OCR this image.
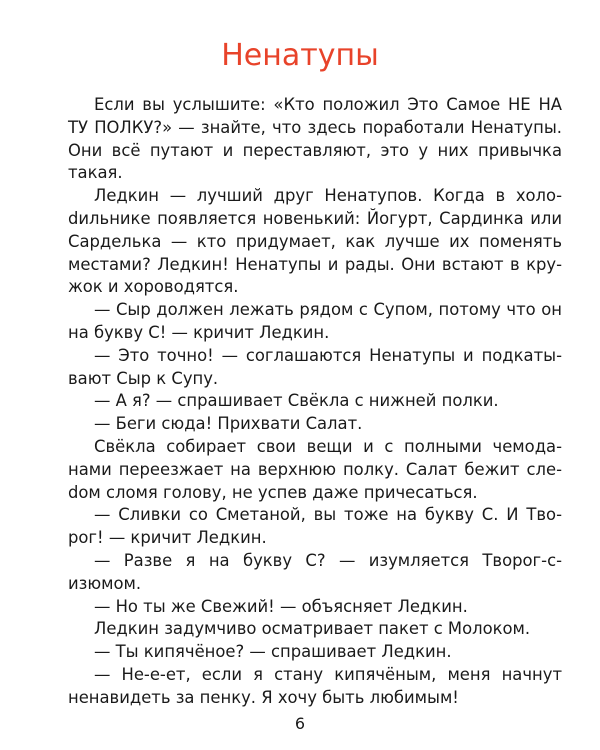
Ненатупы

Если вы услышите: «Кто положил Это Самое НЕ НА ТУ ПОЛКУ?» — знайте, что здесь поработали Ненатупы. Они всё путают и переставляют, это у них привычка такая.

Ледкин — лучший друг Ненатупов. Когда в холоdильнике появляется новенький: Йогурт, Сардинка или Сарделька — кто придумает, как лучше их поменять местами? Ледкин! Ненатупы и рады. Они встают в кружок и хороводятся.

— Сыр должен лежать рядом с Супом, потому что он на букву С! — кричит Ледкин.

— Это точно! — соглашаются Ненатупы и подкатывают Сыр к Супу.

— А я? — спрашивает Свёкла с нижней полки.

— Беги сюда! Прихвати Салат.

Свёкла собирает свои вещи и с полными чемоданами переезжает на верхнюю полку. Салат бежит слеdом сломя голову, не успев даже причесаться.

— Сливки со Сметаной, вы тоже на букву С. И Творог! — кричит Ледкин.

— Разве я на букву С? — изумляется Творог-с-изюмом.

— Но ты же Свежий! — объясняет Ледкин.

Ледкин задумчиво осматривает пакет с Молоком.

— Ты кипячёное? — спрашивает Ледкин.

— Не-е-ет, если я стану кипячёным, меня начнут ненавидеть за пенку. Я хочу быть любимым!

6
